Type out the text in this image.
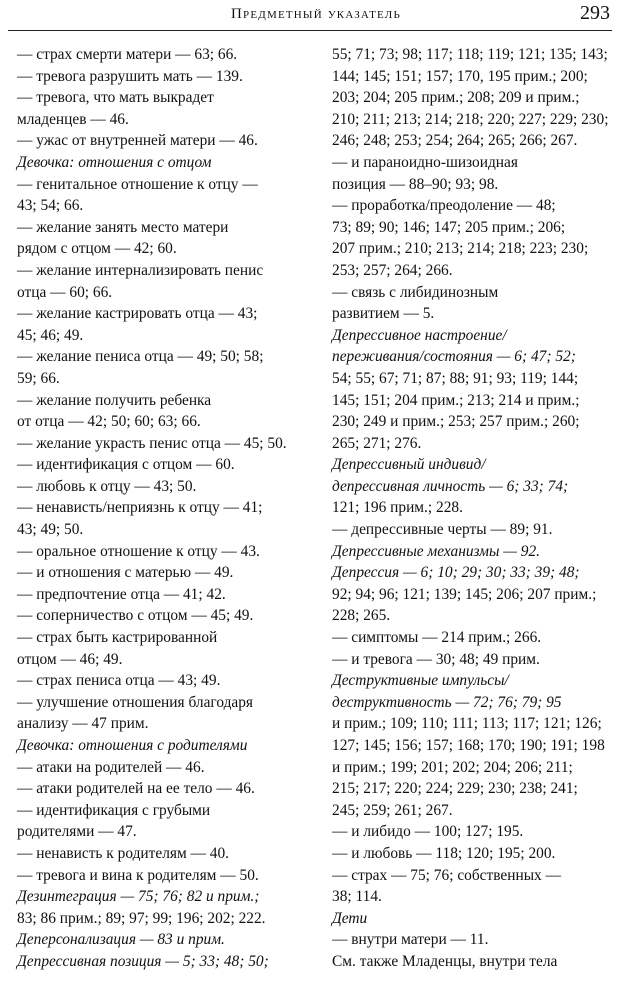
Предметный указатель	293
— страх смерти матери — 63; 66.
— тревога разрушить мать — 139.
— тревога, что мать выкрадет
младенцев — 46.
— ужас от внутренней матери — 46.
Девочка: отношения с отцом
— генитальное отношение к отцу —
43; 54; 66.
— желание занять место матери
рядом с отцом — 42; 60.
— желание интернализировать пенис
отца — 60; 66.
— желание кастрировать отца — 43;
45; 46; 49.
— желание пениса отца — 49; 50; 58;
59; 66.
— желание получить ребенка
от отца — 42; 50; 60; 63; 66.
— желание украсть пенис отца — 45; 50.
— идентификация с отцом — 60.
— любовь к отцу — 43; 50.
— ненависть/неприязнь к отцу — 41;
43; 49; 50.
— оральное отношение к отцу — 43.
— и отношения с матерью — 49.
— предпочтение отца — 41; 42.
— соперничество с отцом — 45; 49.
— страх быть кастрированной
отцом — 46; 49.
— страх пениса отца — 43; 49.
— улучшение отношения благодаря
анализу — 47 прим.
Девочка: отношения с родителями
— атаки на родителей — 46.
— атаки родителей на ее тело — 46.
— идентификация с грубыми
родителями — 47.
— ненависть к родителям — 40.
— тревога и вина к родителям — 50.
Дезинтеграция — 75; 76; 82 и прим.;
83; 86 прим.; 89; 97; 99; 196; 202; 222.
Деперсонализация — 83 и прим.
Депрессивная позиция — 5; 33; 48; 50;
55; 71; 73; 98; 117; 118; 119; 121; 135; 143;
144; 145; 151; 157; 170, 195 прим.; 200;
203; 204; 205 прим.; 208; 209 и прим.;
210; 211; 213; 214; 218; 220; 227; 229; 230;
246; 248; 253; 254; 264; 265; 266; 267.
— и параноидно-шизоидная
позиция — 88–90; 93; 98.
— проработка/преодоление — 48;
73; 89; 90; 146; 147; 205 прим.; 206;
207 прим.; 210; 213; 214; 218; 223; 230;
253; 257; 264; 266.
— связь с либидинозным
развитием — 5.
Депрессивное настроение/
переживания/состояния — 6; 47; 52;
54; 55; 67; 71; 87; 88; 91; 93; 119; 144;
145; 151; 204 прим.; 213; 214 и прим.;
230; 249 и прим.; 253; 257 прим.; 260;
265; 271; 276.
Депрессивный индивид/
депрессивная личность — 6; 33; 74;
121; 196 прим.; 228.
— депрессивные черты — 89; 91.
Депрессивные механизмы — 92.
Депрессия — 6; 10; 29; 30; 33; 39; 48;
92; 94; 96; 121; 139; 145; 206; 207 прим.;
228; 265.
— симптомы — 214 прим.; 266.
— и тревога — 30; 48; 49 прим.
Деструктивные импульсы/
деструктивность — 72; 76; 79; 95
и прим.; 109; 110; 111; 113; 117; 121; 126;
127; 145; 156; 157; 168; 170; 190; 191; 198
и прим.; 199; 201; 202; 204; 206; 211;
215; 217; 220; 224; 229; 230; 238; 241;
245; 259; 261; 267.
— и либидо — 100; 127; 195.
— и любовь — 118; 120; 195; 200.
— страх — 75; 76; собственных —
38; 114.
Дети
— внутри матери — 11.
См. также Младенцы, внутри тела
